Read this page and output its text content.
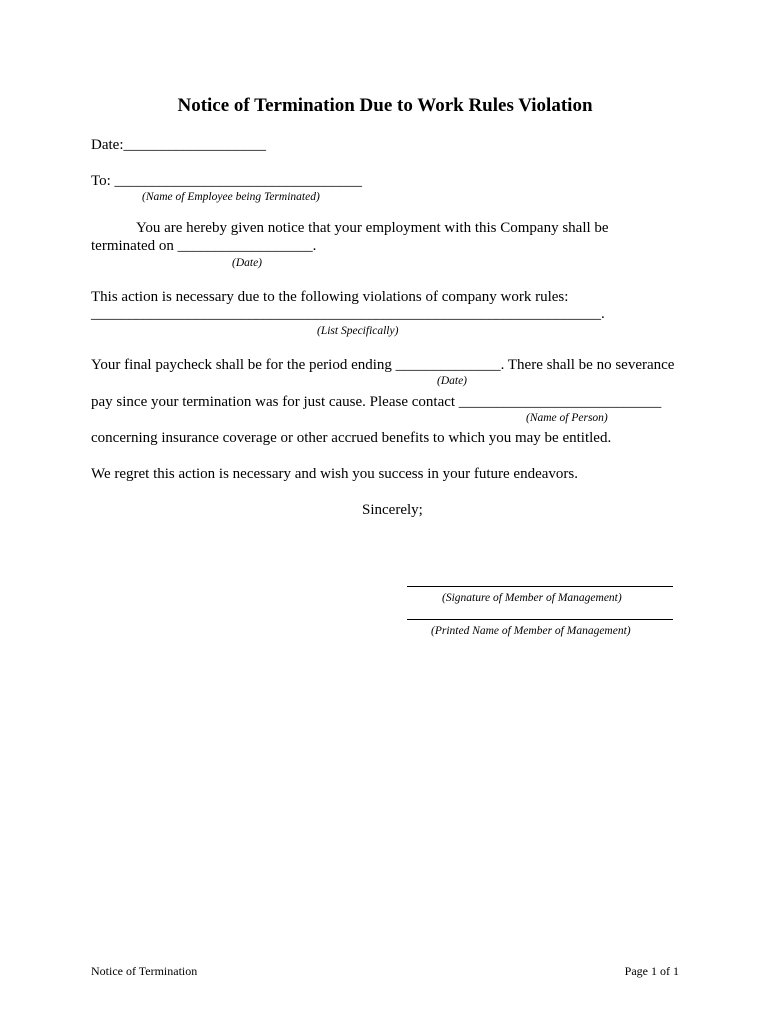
Notice of Termination Due to Work Rules Violation
Date:___________________
To: _________________________________
(Name of Employee being Terminated)
You are hereby given notice that your employment with this Company shall be
terminated on __________________.
(Date)
This action is necessary due to the following violations of company work rules:
____________________________________________________________________.
(List Specifically)
Your final paycheck shall be for the period ending ______________. There shall be no severance
(Date)
pay since your termination was for just cause. Please contact ___________________________
(Name of Person)
concerning insurance coverage or other accrued benefits to which you may be entitled.
We regret this action is necessary and wish you success in your future endeavors.
Sincerely;
(Signature of Member of Management)
(Printed Name of Member of Management)
Notice of Termination	Page 1 of 1
